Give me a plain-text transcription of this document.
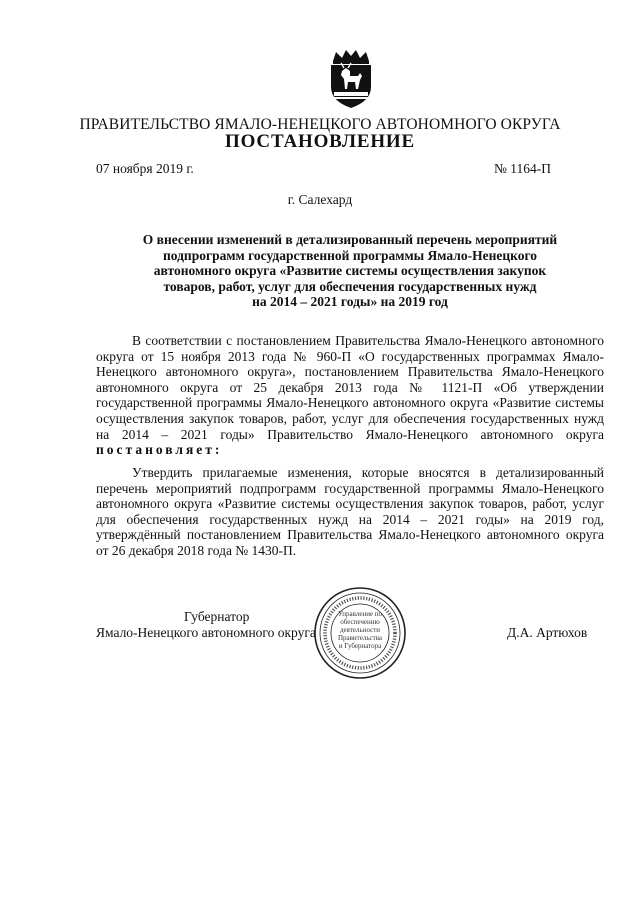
ПРАВИТЕЛЬСТВО ЯМАЛО-НЕНЕЦКОГО АВТОНОМНОГО ОКРУГА
ПОСТАНОВЛЕНИЕ
07 ноября 2019 г.	№ 1164-П
г. Салехард
О внесении изменений в детализированный перечень мероприятий
подпрограмм государственной программы Ямало-Ненецкого
автономного округа «Развитие системы осуществления закупок
товаров, работ, услуг для обеспечения государственных нужд
на 2014 – 2021 годы» на 2019 год

В соответствии с постановлением Правительства Ямало-Ненецкого автономного округа от 15 ноября 2013 года № 960-П «О государственных программах Ямало-Ненецкого автономного округа», постановлением Правительства Ямало-Ненецкого автономного округа от 25 декабря 2013 года № 1121-П «Об утверждении государственной программы Ямало-Ненецкого автономного округа «Развитие системы осуществления закупок товаров, работ, услуг для обеспечения государственных нужд на 2014 – 2021 годы» Правительство Ямало-Ненецкого автономного округа постановляет:

Утвердить прилагаемые изменения, которые вносятся в детализированный перечень мероприятий подпрограмм государственной программы Ямало-Ненецкого автономного округа «Развитие системы осуществления закупок товаров, работ, услуг для обеспечения государственных нужд на 2014 – 2021 годы» на 2019 год, утверждённый постановлением Правительства Ямало-Ненецкого автономного округа от 26 декабря 2018 года № 1430-П.

Губернатор
Ямало-Ненецкого автономного округа	Д.А. Артюхов
Управление по
обеспечению
деятельности
Правительства
и Губернатора
